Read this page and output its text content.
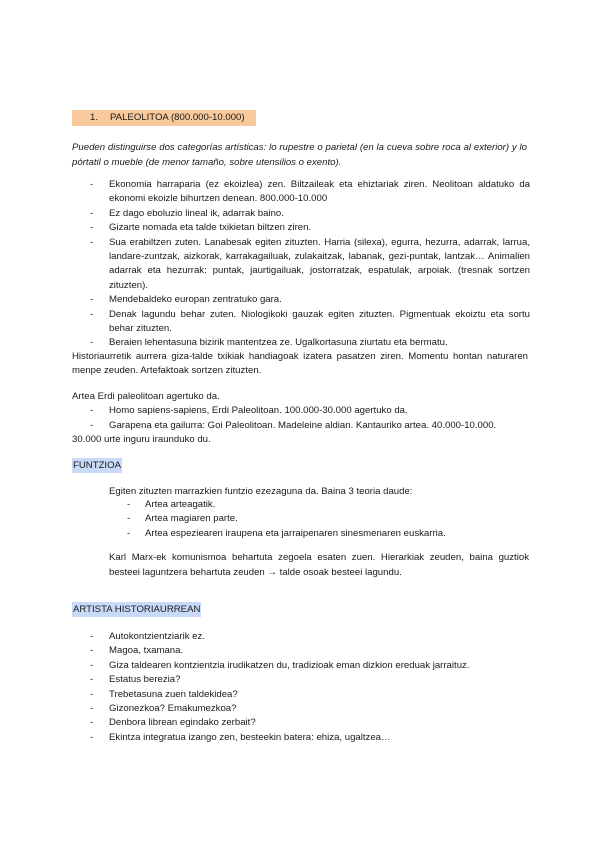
1. PALEOLITOA (800.000-10.000)
Pueden distinguirse dos categorías artísticas: lo rupestre o parietal (en la cueva sobre roca al exterior) y lo pórtatil o mueble (de menor tamaño, sobre utensilios o exento).
- Ekonomia harraparia (ez ekoizlea) zen. Biltzaileak eta ehiztariak ziren. Neolitoan aldatuko da ekonomi ekoizle bihurtzen denean. 800.000-10.000
- Ez dago eboluzio lineal ik, adarrak baino.
- Gizarte nomada eta talde txikietan biltzen ziren.
- Sua erabiltzen zuten. Lanabesak egiten zituzten. Harria (silexa), egurra, hezurra, adarrak, larrua, landare-zuntzak, aizkorak, karrakagailuak, zulakaitzak, labanak, gezi-puntak, lantzak… Animalien adarrak eta hezurrak: puntak, jaurtigailuak, jostorratzak, espatulak, arpoiak. (tresnak sortzen zituzten).
- Mendebaldeko europan zentratuko gara.
- Denak lagundu behar zuten. Niologikoki gauzak egiten zituzten. Pigmentuak ekoiztu eta sortu behar zituzten.
- Beraien lehentasuna bizirik mantentzea ze. Ugalkortasuna ziurtatu eta bermatu.
Historiaurretik aurrera giza-talde txikiak handiagoak izatera pasatzen ziren. Momentu hontan naturaren menpe zeuden. Artefaktoak sortzen zituzten.
Artea Erdi paleolitoan agertuko da.
- Homo sapiens-sapiens, Erdi Paleolitoan. 100.000-30.000 agertuko da.
- Garapena eta gailurra: Goi Paleolitoan. Madeleine aldian. Kantauriko artea. 40.000-10.000.
30.000 urte inguru iraunduko du.
FUNTZIOA
Egiten zituzten marrazkien funtzio ezezaguna da. Baina 3 teoria daude:
- Artea arteagatik.
- Artea magiaren parte.
- Artea espeziearen iraupena eta jarraipenaren sinesmenaren euskarria.
Karl Marx-ek komunismoa behartuta zegoela esaten zuen. Hierarkiak zeuden, baina guztiok besteei laguntzera behartuta zeuden → talde osoak besteei lagundu.
ARTISTA HISTORIAURREAN
- Autokontzientziarik ez.
- Magoa, txamana.
- Giza taldearen kontzientzia irudikatzen du, tradizioak eman dizkion ereduak jarraituz.
- Estatus berezia?
- Trebetasuna zuen taldekidea?
- Gizonezkoa? Emakumezkoa?
- Denbora librean egindako zerbait?
- Ekintza integratua izango zen, besteekin batera: ehiza, ugaltzea…
